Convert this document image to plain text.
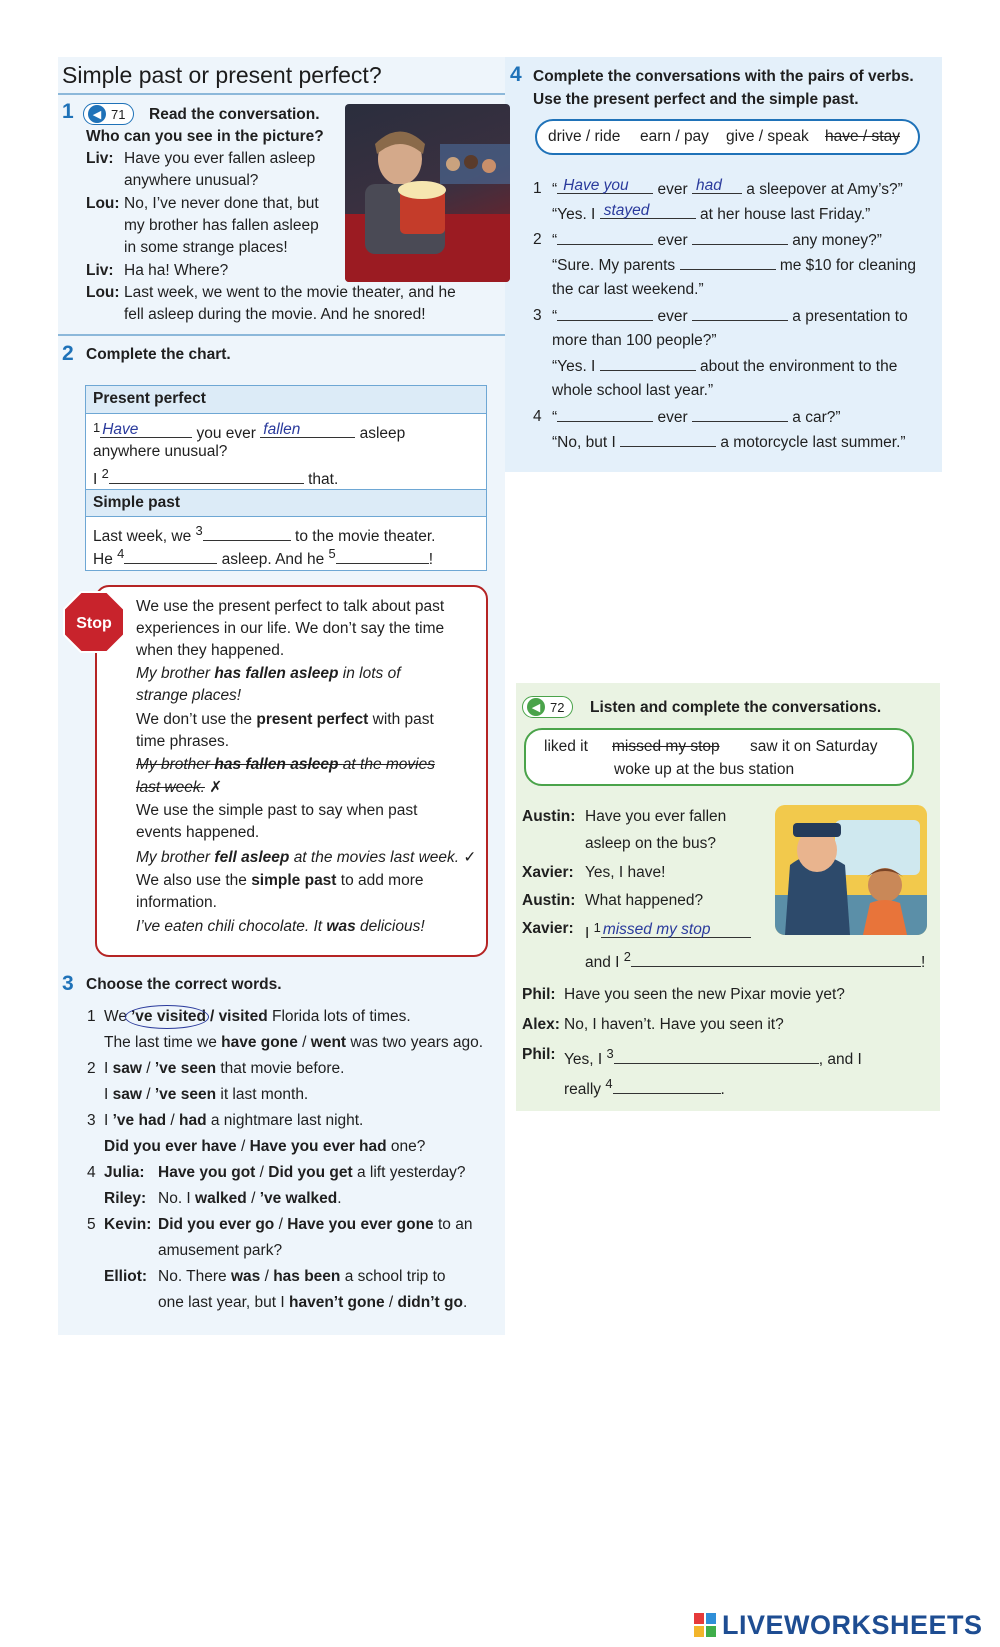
Simple past or present perfect?
1	◀ 71 Read the conversation.
Who can you see in the picture?
Liv: Have you ever fallen asleep
anywhere unusual?
Lou: No, I’ve never done that, but
my brother has fallen asleep
in some strange places!
Liv: Ha ha! Where?
Lou: Last week, we went to the movie theater, and he
fell asleep during the movie. And he snored!
2 Complete the chart.
Present perfect
$^1$ Have	you ever fallen	asleep
anywhere unusual?
I $^2$	that.
Simple past
Last week, we $^3$	to the movie theater.
He $^4$	asleep. And he $^5$	!
Stop
We use the present perfect to talk about past
experiences in our life. We don’t say the time
when they happened.
My brother has fallen asleep in lots of
strange places!
We don’t use the present perfect with past
time phrases.
My brother has fallen asleep at the movies
last week. ✗
We use the simple past to say when past
events happened.
My brother fell asleep at the movies last week. ✓
We also use the simple past to add more
information.
I’ve eaten chili chocolate. It was delicious!
3 Choose the correct words.
1 We ’ve visited / visited Florida lots of times.
The last time we have gone / went was two years ago.
2 I saw / ’ve seen that movie before.
I saw / ’ve seen it last month.
3 I ’ve had / had a nightmare last night.
Did you ever have / Have you ever had one?
4 Julia: Have you got / Did you get a lift yesterday?
Riley: No. I walked / ’ve walked.
5 Kevin: Did you ever go / Have you ever gone to an
amusement park?
Elliot: No. There was / has been a school trip to
one last year, but I haven’t gone / didn’t go.
4 Complete the conversations with the pairs of verbs.
Use the present perfect and the simple past.
drive / ride earn / pay give / speak have / stay
1 “ Have you ever had a sleepover at Amy’s?”
“Yes. I stayed	at her house last Friday.”
2 “	ever	any money?”
“Sure. My parents	me $10 for cleaning
the car last weekend.”
3 “	ever	a presentation to
more than 100 people?”
“Yes. I	about the environment to the
whole school last year.”
4 “	ever	a car?”
“No, but I	a motorcycle last summer.”
◀ 72 Listen and complete the conversations.
liked it missed my stop saw it on Saturday
woke up at the bus station
Austin: Have you ever fallen
asleep on the bus?
Xavier: Yes, I have!
Austin: What happened?
Xavier: I $^1$ missed my stop
and I $^2$	!
Phil: Have you seen the new Pixar movie yet?
Alex: No, I haven’t. Have you seen it?
Phil: Yes, I $^3$	, and I
really $^4$	.
LIVEWORKSHEETS
